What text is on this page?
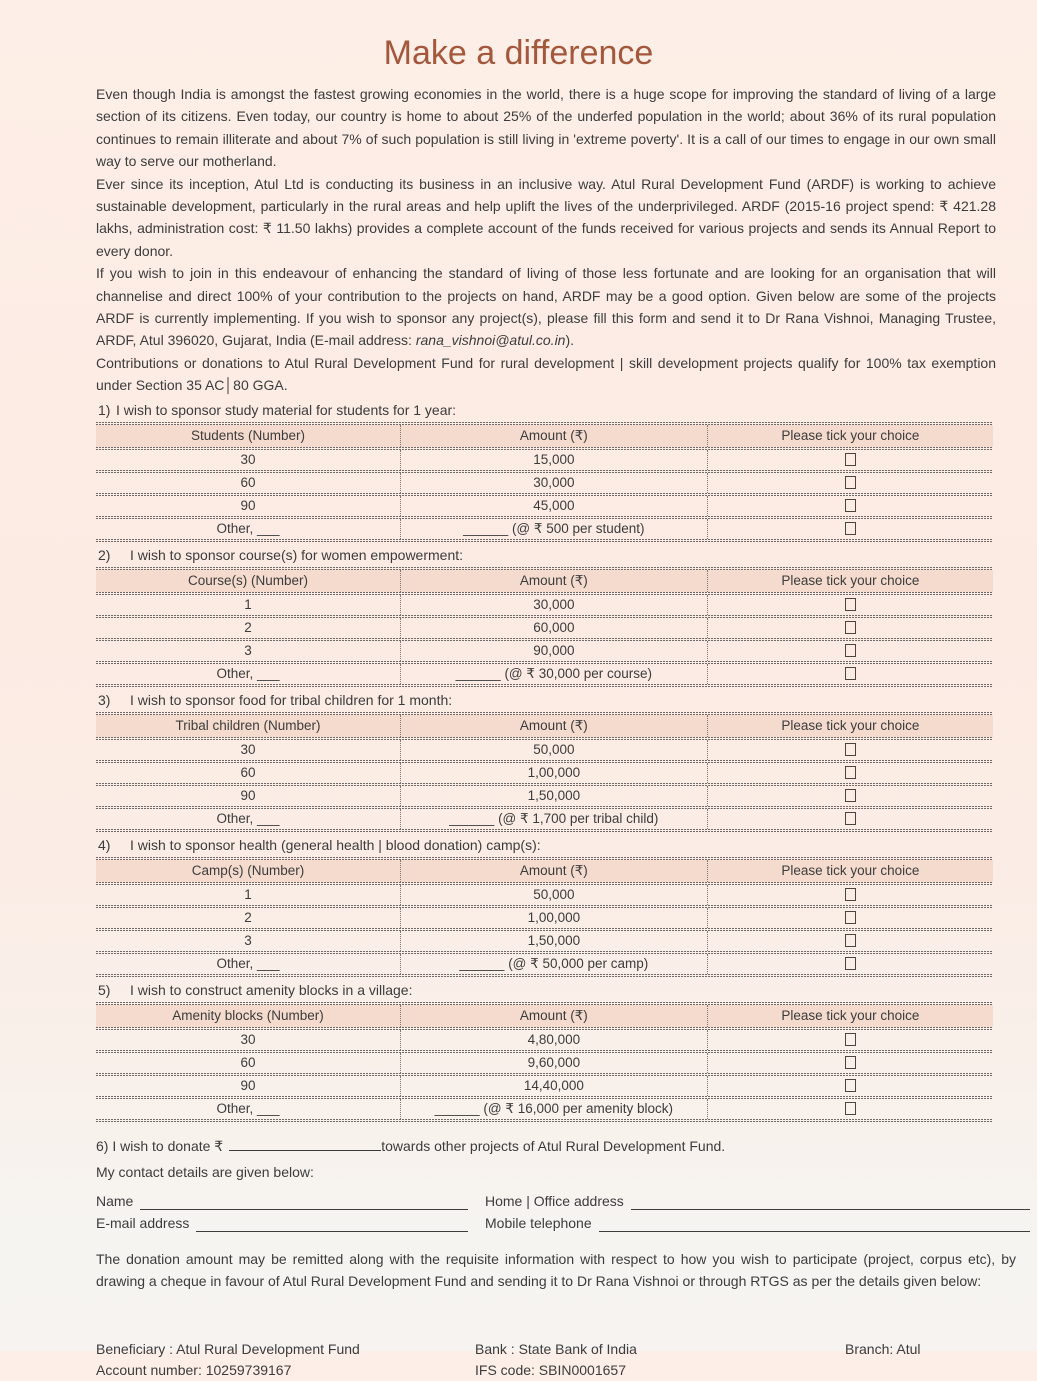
Make a difference

Even though India is amongst the fastest growing economies in the world, there is a huge scope for improving the standard of living of a large section of its citizens. Even today, our country is home to about 25% of the underfed population in the world; about 36% of its rural population continues to remain illiterate and about 7% of such population is still living in 'extreme poverty'. It is a call of our times to engage in our own small way to serve our motherland.

Ever since its inception, Atul Ltd is conducting its business in an inclusive way. Atul Rural Development Fund (ARDF) is working to achieve sustainable development, particularly in the rural areas and help uplift the lives of the underprivileged. ARDF (2015-16 project spend: ₹ 421.28 lakhs, administration cost: ₹ 11.50 lakhs) provides a complete account of the funds received for various projects and sends its Annual Report to every donor.

If you wish to join in this endeavour of enhancing the standard of living of those less fortunate and are looking for an organisation that will channelise and direct 100% of your contribution to the projects on hand, ARDF may be a good option. Given below are some of the projects ARDF is currently implementing. If you wish to sponsor any project(s), please fill this form and send it to Dr Rana Vishnoi, Managing Trustee, ARDF, Atul 396020, Gujarat, India (E-mail address: rana_vishnoi@atul.co.in).

Contributions or donations to Atul Rural Development Fund for rural development | skill development projects qualify for 100% tax exemption under Section 35 AC│80 GGA.

1) I wish to sponsor study material for students for 1 year:
Students (Number)	Amount (₹)	Please tick your choice
30	15,000
60	30,000
90	45,000
Other, ___	______ (@ ₹ 500 per student)
2) I wish to sponsor course(s) for women empowerment:
Course(s) (Number)	Amount (₹)	Please tick your choice
1	30,000
2	60,000
3	90,000
Other, ___	______ (@ ₹ 30,000 per course)
3) I wish to sponsor food for tribal children for 1 month:
Tribal children (Number)	Amount (₹)	Please tick your choice
30	50,000
60	1,00,000
90	1,50,000
Other, ___	______ (@ ₹ 1,700 per tribal child)
4) I wish to sponsor health (general health | blood donation) camp(s):
Camp(s) (Number)	Amount (₹)	Please tick your choice
1	50,000
2	1,00,000
3	1,50,000
Other, ___	______ (@ ₹ 50,000 per camp)
5) I wish to construct amenity blocks in a village:
Amenity blocks (Number)	Amount (₹)	Please tick your choice
30	4,80,000
60	9,60,000
90	14,40,000
Other, ___	______ (@ ₹ 16,000 per amenity block)
6) I wish to donate ₹	towards other projects of Atul Rural Development Fund.
My contact details are given below:
Name	Home | Office address
E-mail address	Mobile telephone

The donation amount may be remitted along with the requisite information with respect to how you wish to participate (project, corpus etc), by drawing a cheque in favour of Atul Rural Development Fund and sending it to Dr Rana Vishnoi or through RTGS as per the details given below:

Beneficiary : Atul Rural Development Fund
Account number: 10259739167
Bank : State Bank of India
IFS code: SBIN0001657
Branch: Atul
